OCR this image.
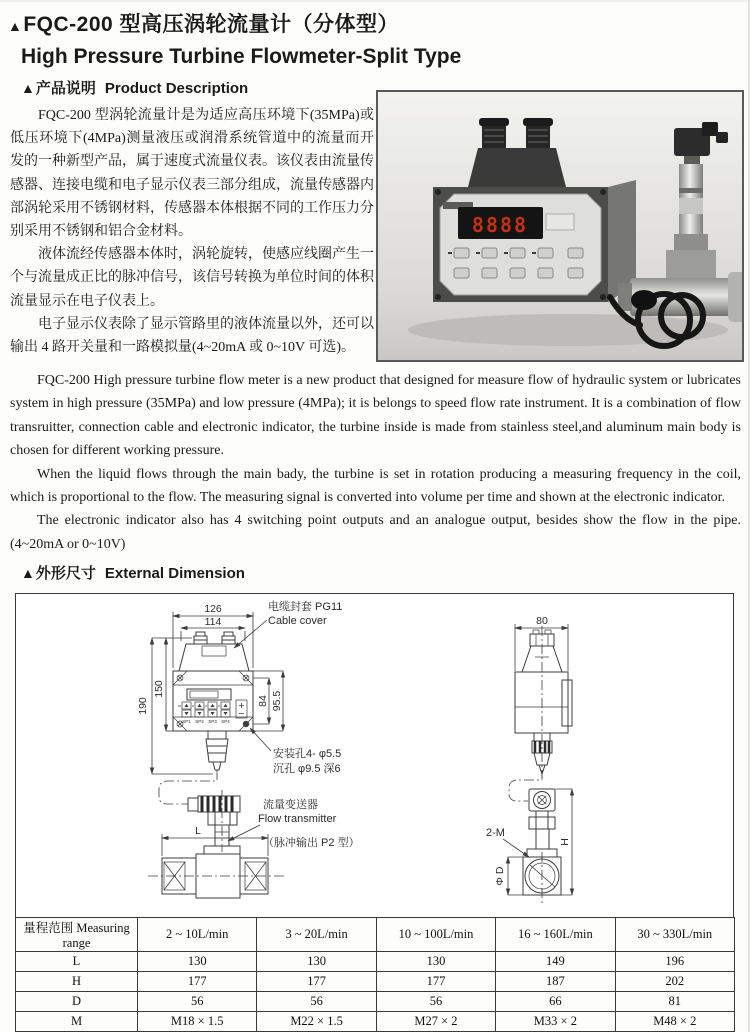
▲FQC-200 型高压涡轮流量计（分体型）
High Pressure Turbine Flowmeter-Split Type
▲产品说明 Product Description

FQC-200 型涡轮流量计是为适应高压环境下(35MPa)或低压环境下(4MPa)测量液压或润滑系统管道中的流量而开发的一种新型产品，属于速度式流量仪表。该仪表由流量传感器、连接电缆和电子显示仪表三部分组成，流量传感器内部涡轮采用不锈钢材料，传感器本体根据不同的工作压力分别采用不锈钢和铝合金材料。

液体流经传感器本体时，涡轮旋转，使感应线圈产生一个与流量成正比的脉冲信号，该信号转换为单位时间的体积流量显示在电子仪表上。

电子显示仪表除了显示管路里的液体流量以外，还可以输出 4 路开关量和一路模拟量(4~20mA 或 0~10V 可选)。

8888

FQC-200 High pressure turbine flow meter is a new product that designed for measure flow of hydraulic system or lubricates system in high pressure (35MPa) and low pressure (4MPa); it is belongs to speed flow rate instrument. It is a combination of flow transruitter, connection cable and electronic indicator, the turbine inside is made from stainless steel,and aluminum main body is chosen for different working pressure.

When the liquid flows through the main bady, the turbine is set in rotation producing a measuring frequency in the coil, which is proportional to the flow. The measuring signal is converted into volume per time and shown at the electronic indicator.

The electronic indicator also has 4 switching point outputs and an analogue output, besides show the flow in the pipe.(4~20mA or 0~10V)

▲外形尺寸 External Dimension
SP1 SP2 SP3 SP4
126
114
190
150
84 95.5
电缆封套 PG11
Cable cover
安装孔4- φ5.5
沉孔 φ9.5 深6
L
流量变送器
Flow transmitter
（脉冲输出 P2 型）
80
H
2-M
Φ D
量程范围 Measuring range	2 ~ 10L/min	3 ~ 20L/min	10 ~ 100L/min	16 ~ 160L/min	30 ~ 330L/min
L	130	130	130	149	196
H	177	177	177	187	202
D	56	56	56	66	81
M	M18 × 1.5	M22 × 1.5	M27 × 2	M33 × 2	M48 × 2
